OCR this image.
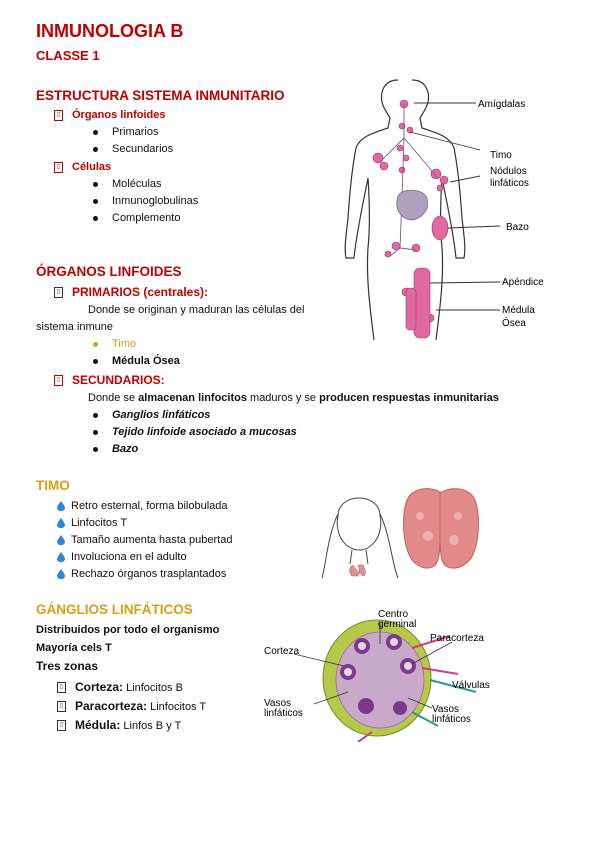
INMUNOLOGIA B
CLASSE 1
ESTRUCTURA SISTEMA INMUNITARIO
▯ Órganos linfoides
Primarios
Secundarios
▯ Células
Moléculas
Inmunoglobulinas
Complemento
ÓRGANOS LINFOIDES
▯ PRIMARIOS (centrales):
Donde se originan y maduran las células del
sistema inmune
Timo
Médula Ósea
▯ SECUNDARIOS:
Donde se almacenan linfocitos maduros y se producen respuestas inmunitarias
Ganglios linfáticos
Tejido linfoide asociado a mucosas
Bazo
TIMO
Retro esternal, forma bilobulada
Linfocitos T
Tamaño aumenta hasta pubertad
Involuciona en el adulto
Rechazo órganos trasplantados
GÁNGLIOS LINFÁTICOS
Distribuidos por todo el organismo
Mayoría cels T
Tres zonas
▯ Corteza: Linfocitos B
▯ Paracorteza: Linfocitos T
▯ Médula: Linfos B y T
Amígdalas
Timo
Nódulos
linfáticos
Bazo
Apéndice
Médula
Ósea
Centro
germinal
Paracorteza
Corteza
Válvulas
Vasos
linfáticos	Vasos
linfáticos
